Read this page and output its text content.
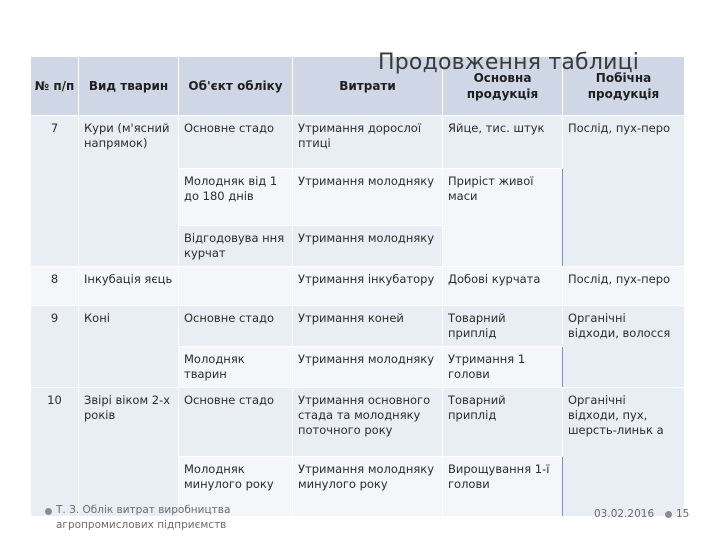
Продовження таблиці
№ п/п	Вид тварин	Об'єкт обліку	Витрати	Основна продукція	Побічна продукція
7	Кури (м'ясний напрямок)	Основне стадо	Утримання дорослої птиці	Яйце, тис. штук	Послід, пух-перо
		Молодняк від 1 до 180 днів	Утримання молодняку	Приріст живої маси	
		Відгодовува ння курчат	Утримання молодняку		
8	Інкубація яєць		Утримання інкубатору	Добові курчата	Послід, пух-перо
9	Коні	Основне стадо	Утримання коней	Товарний приплід	Органічні відходи, волосся
		Молодняк тварин	Утримання молодняку	Утримання 1 голови	
10	Звірі віком 2-х років	Основне стадо	Утримання основного стада та молодняку поточного року	Товарний приплід	Органічні відходи, пух, шерсть-линьк а
		Молодняк минулого року	Утримання молодняку минулого року	Вирощування 1-ї голови	
Т. З. Облік витрат виробництва агропромислових підприємств
03.02.2016 15
